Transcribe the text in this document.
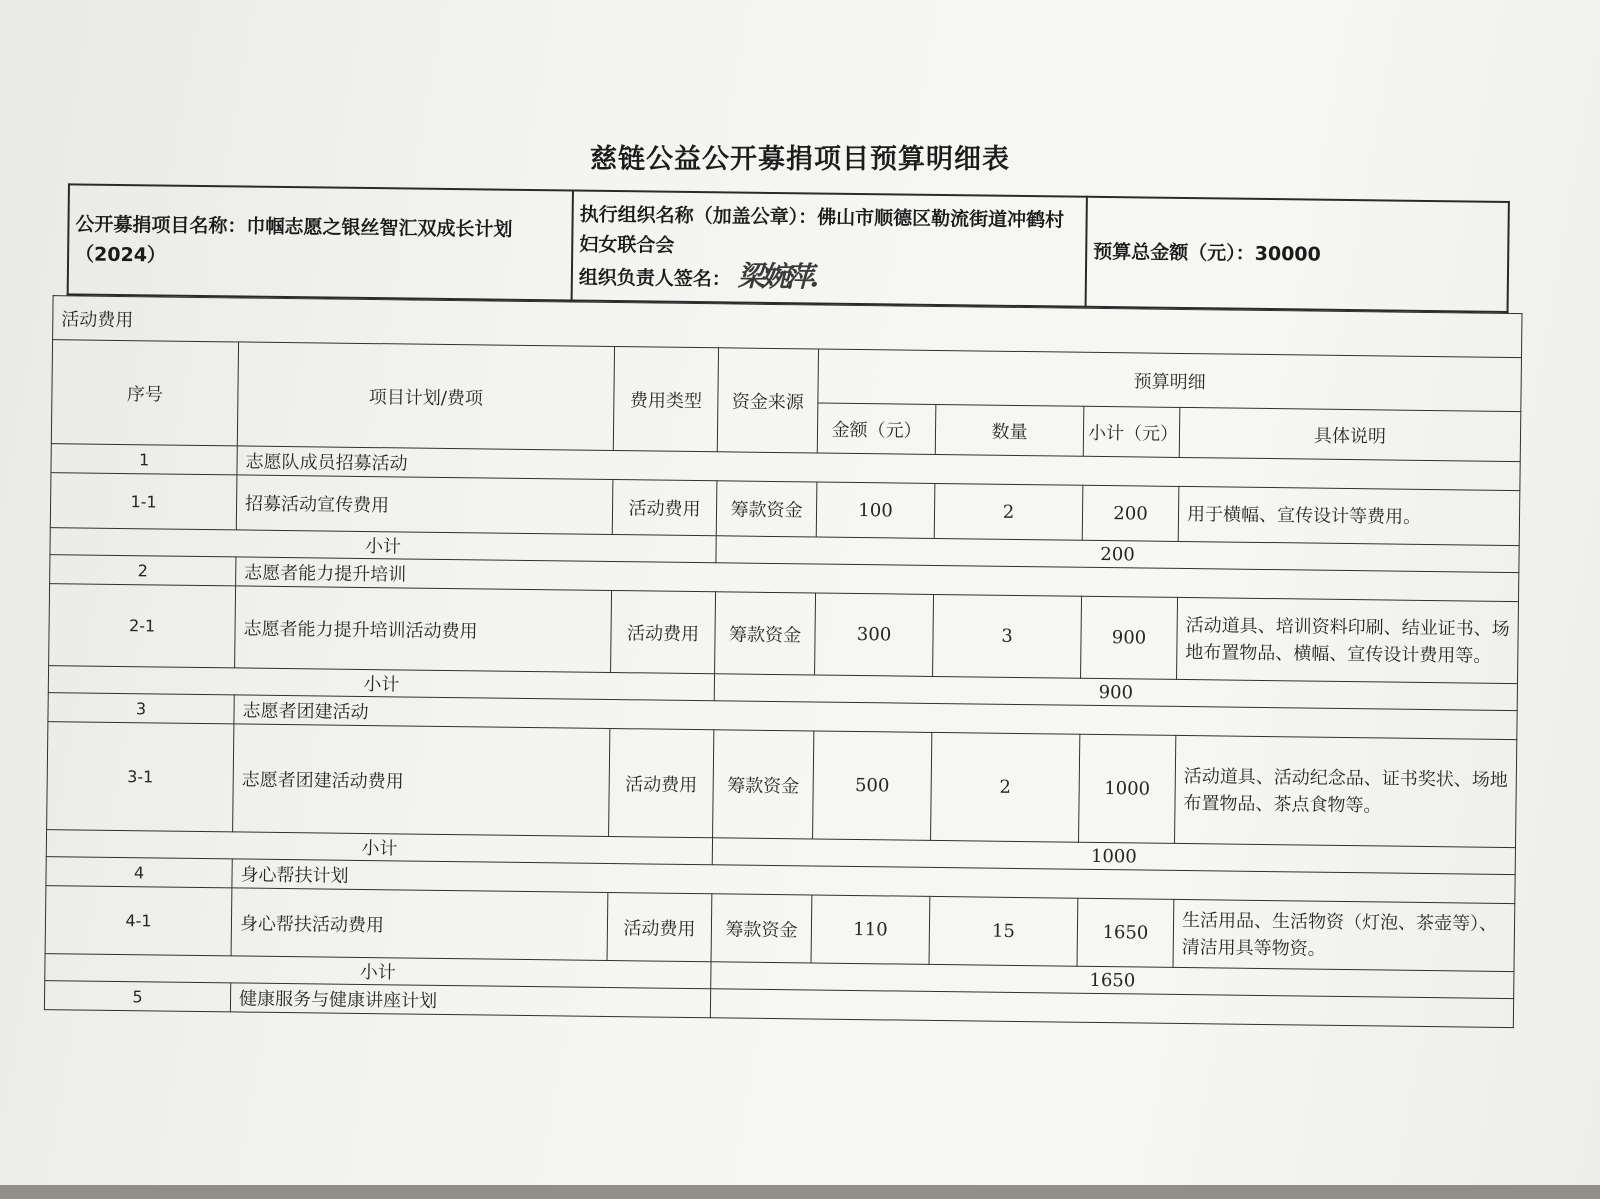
慈链公益公开募捐项目预算明细表
公开募捐项目名称：巾帼志愿之银丝智汇双成长计划（2024）	
执行组织名称（加盖公章）：佛山市顺德区勒流街道冲鹤村妇女联合会
组织负责人签名： 梁婉萍.
	预算总金额（元）：30000
活动费用							
序号	项目计划/费项	费用类型	资金来源	预算明细			
				金额（元）	数量	小计（元）	具体说明
1	志愿队成员招募活动						
1-1	招募活动宣传费用	活动费用	筹款资金	100	2	200	用于横幅、宣传设计等费用。
小计			200				
2	志愿者能力提升培训						
2-1	志愿者能力提升培训活动费用	活动费用	筹款资金	300	3	900	活动道具、培训资料印刷、结业证书、场地布置物品、横幅、宣传设计费用等。
小计			900				
3	志愿者团建活动						
3-1	志愿者团建活动费用	活动费用	筹款资金	500	2	1000	活动道具、活动纪念品、证书奖状、场地布置物品、茶点食物等。
小计			1000				
4	身心帮扶计划						
4-1	身心帮扶活动费用	活动费用	筹款资金	110	15	1650	生活用品、生活物资（灯泡、茶壶等）、清洁用具等物资。
小计			1650				
5	健康服务与健康讲座计划						
